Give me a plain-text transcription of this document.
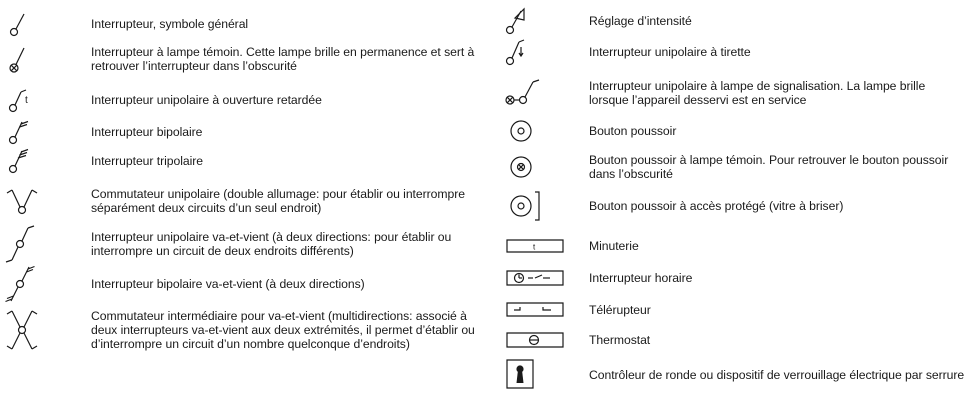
Interrupteur, symbole général
Interrupteur à lampe témoin. Cette lampe brille en permanence et sert à retrouver l’interrupteur dans l’obscurité
t	Interrupteur unipolaire à ouverture retardée
Interrupteur bipolaire
Interrupteur tripolaire
Commutateur unipolaire (double allumage: pour établir ou interrompre séparément deux circuits d’un seul endroit)
Interrupteur unipolaire va-et-vient (à deux directions: pour établir ou interrompre un circuit de deux endroits différents)
Interrupteur bipolaire va-et-vient (à deux directions)
Commutateur intermédiaire pour va-et-vient (multidirections: associé à deux interrupteurs va-et-vient aux deux extrémités, il permet d’établir ou d’interrompre un circuit d’un nombre quelconque d’endroits)
Réglage d’intensité
Interrupteur unipolaire à tirette
Interrupteur unipolaire à lampe de signalisation. La lampe brille lorsque l’appareil desservi est en service
Bouton poussoir
Bouton poussoir à lampe témoin. Pour retrouver le bouton poussoir dans l’obscurité
Bouton poussoir à accès protégé (vitre à briser)
t	Minuterie
Interrupteur horaire
Télérupteur
Thermostat
Contrôleur de ronde ou dispositif de verrouillage électrique par serrure
